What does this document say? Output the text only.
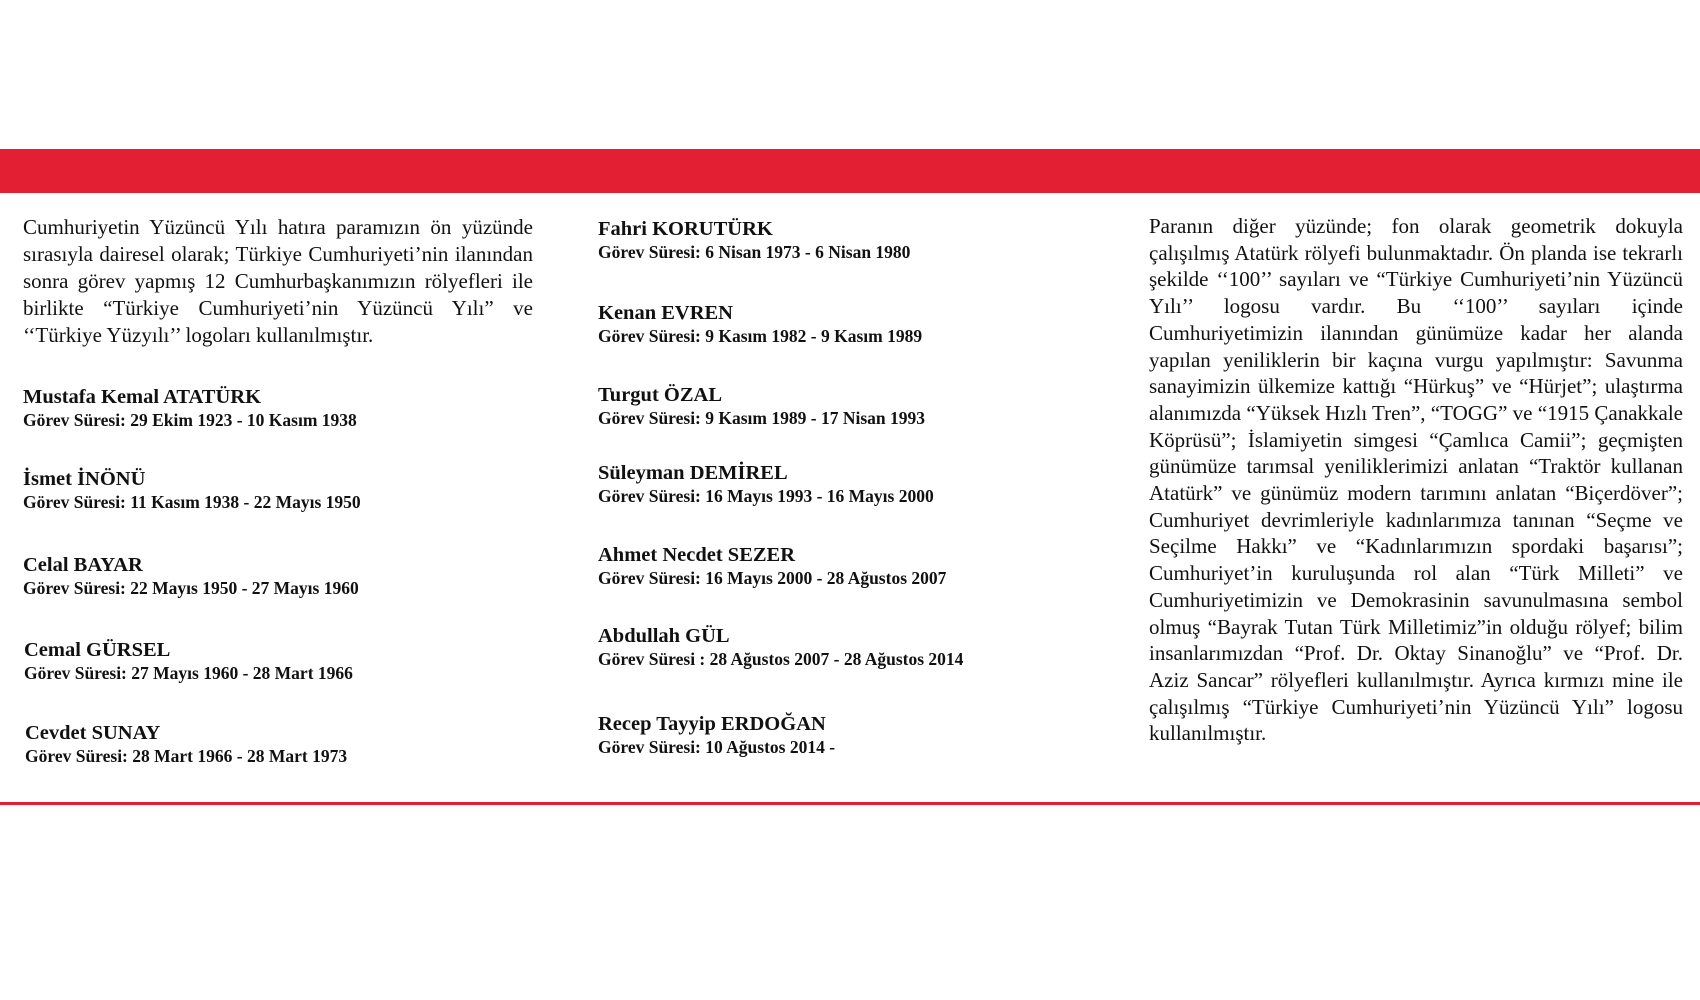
Cumhuriyetin Yüzüncü Yılı hatıra paramızın ön yüzünde sırasıyla dairesel olarak; Türkiye Cumhuriyeti’nin ilanından sonra görev yapmış 12 Cumhurbaşkanımızın rölyefleri ile birlikte “Türkiye Cumhuriyeti’nin Yüzüncü Yılı” ve ‘‘Türkiye Yüzyılı’’ logoları kullanılmıştır.

Mustafa Kemal ATATÜRK
Görev Süresi: 29 Ekim 1923 - 10 Kasım 1938
İsmet İNÖNÜ
Görev Süresi: 11 Kasım 1938 - 22 Mayıs 1950
Celal BAYAR
Görev Süresi: 22 Mayıs 1950 - 27 Mayıs 1960
Cemal GÜRSEL
Görev Süresi: 27 Mayıs 1960 - 28 Mart 1966
Cevdet SUNAY
Görev Süresi: 28 Mart 1966 - 28 Mart 1973
Fahri KORUTÜRK
Görev Süresi: 6 Nisan 1973 - 6 Nisan 1980
Kenan EVREN
Görev Süresi: 9 Kasım 1982 - 9 Kasım 1989
Turgut ÖZAL
Görev Süresi: 9 Kasım 1989 - 17 Nisan 1993
Süleyman DEMİREL
Görev Süresi: 16 Mayıs 1993 - 16 Mayıs 2000
Ahmet Necdet SEZER
Görev Süresi: 16 Mayıs 2000 - 28 Ağustos 2007
Abdullah GÜL
Görev Süresi : 28 Ağustos 2007 - 28 Ağustos 2014
Recep Tayyip ERDOĞAN
Görev Süresi: 10 Ağustos 2014 -

Paranın diğer yüzünde; fon olarak geometrik dokuyla çalışılmış Atatürk rölyefi bulunmaktadır. Ön planda ise tekrarlı şekilde ‘‘100’’ sayıları ve “Türkiye Cumhuriyeti’nin Yüzüncü Yılı’’ logosu vardır. Bu ‘‘100’’ sayıları içinde Cumhuriyetimizin ilanından günümüze kadar her alanda yapılan yeniliklerin bir kaçına vurgu yapılmıştır: Savunma sanayimizin ülkemize kattığı “Hürkuş” ve “Hürjet”; ulaştırma alanımızda “Yüksek Hızlı Tren”, “TOGG” ve “1915 Çanakkale Köprüsü”; İslamiyetin simgesi “Çamlıca Camii”; geçmişten günümüze tarımsal yeniliklerimizi anlatan “Traktör kullanan Atatürk” ve günümüz modern tarımını anlatan “Biçerdöver”; Cumhuriyet devrimleriyle kadınlarımıza tanınan “Seçme ve Seçilme Hakkı” ve “Kadınlarımızın spordaki başarısı”; Cumhuriyet’in kuruluşunda rol alan “Türk Milleti” ve Cumhuriyetimizin ve Demokrasinin savunulmasına sembol olmuş “Bayrak Tutan Türk Milletimiz”in olduğu rölyef; bilim insanlarımızdan “Prof. Dr. Oktay Sinanoğlu” ve “Prof. Dr. Aziz Sancar” rölyefleri kullanılmıştır. Ayrıca kırmızı mine ile çalışılmış “Türkiye Cumhuriyeti’nin Yüzüncü Yılı” logosu kullanılmıştır.
